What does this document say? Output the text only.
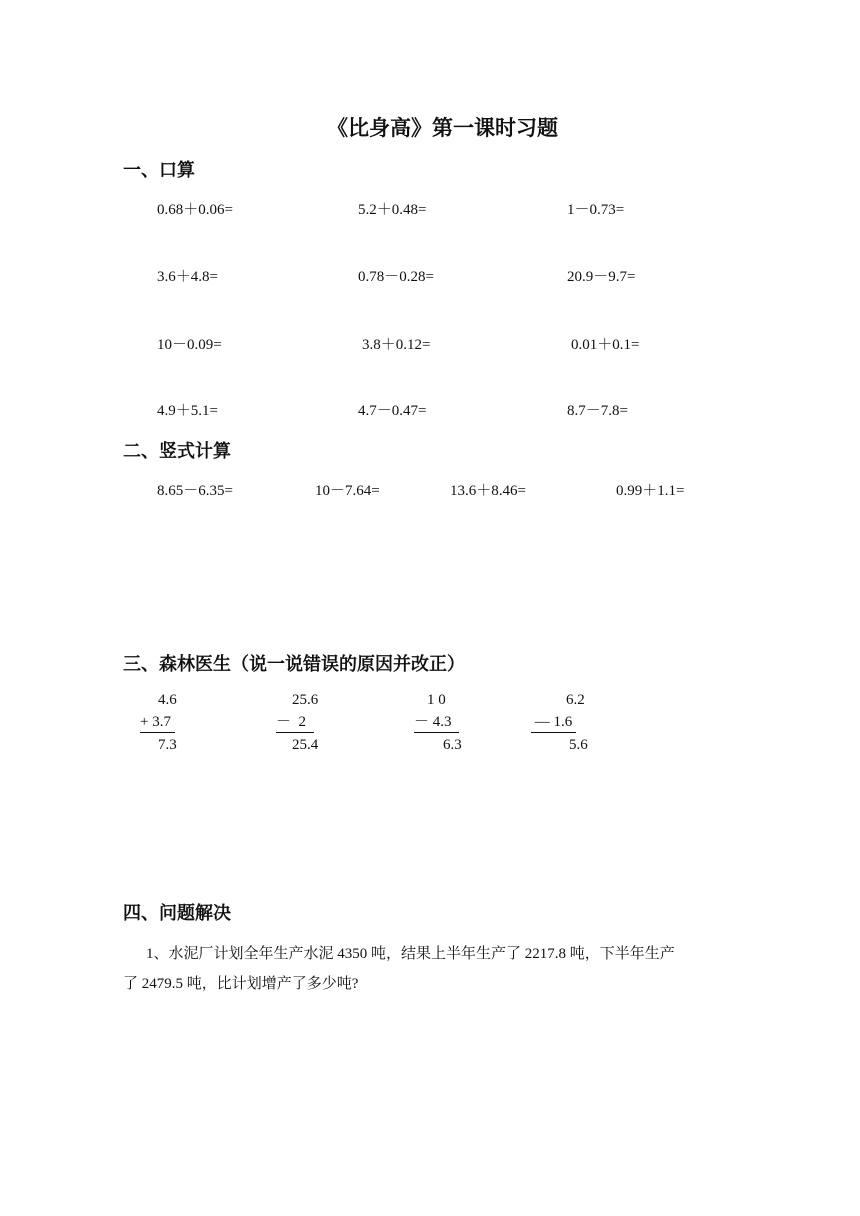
《比身高》第一课时习题
一、口算
0.68＋0.06=	5.2＋0.48=	1－0.73=
3.6＋4.8=	0.78－0.28=	20.9－9.7=
10－0.09=	3.8＋0.12=	0.01＋0.1=
4.9＋5.1=	4.7－0.47=	8.7－7.8=
二、竖式计算
8.65－6.35=	10－7.64=	13.6＋8.46=	0.99＋1.1=
三、森林医生（说一说错误的原因并改正）
4.6
+ 3.7
7.3
25.6
－  2
25.4
1 0
－ 4.3
6.3
6.2
— 1.6
5.6
四、问题解决
1、水泥厂计划全年生产水泥 4350 吨，结果上半年生产了 2217.8 吨，下半年生产
了 2479.5 吨，比计划增产了多少吨?
